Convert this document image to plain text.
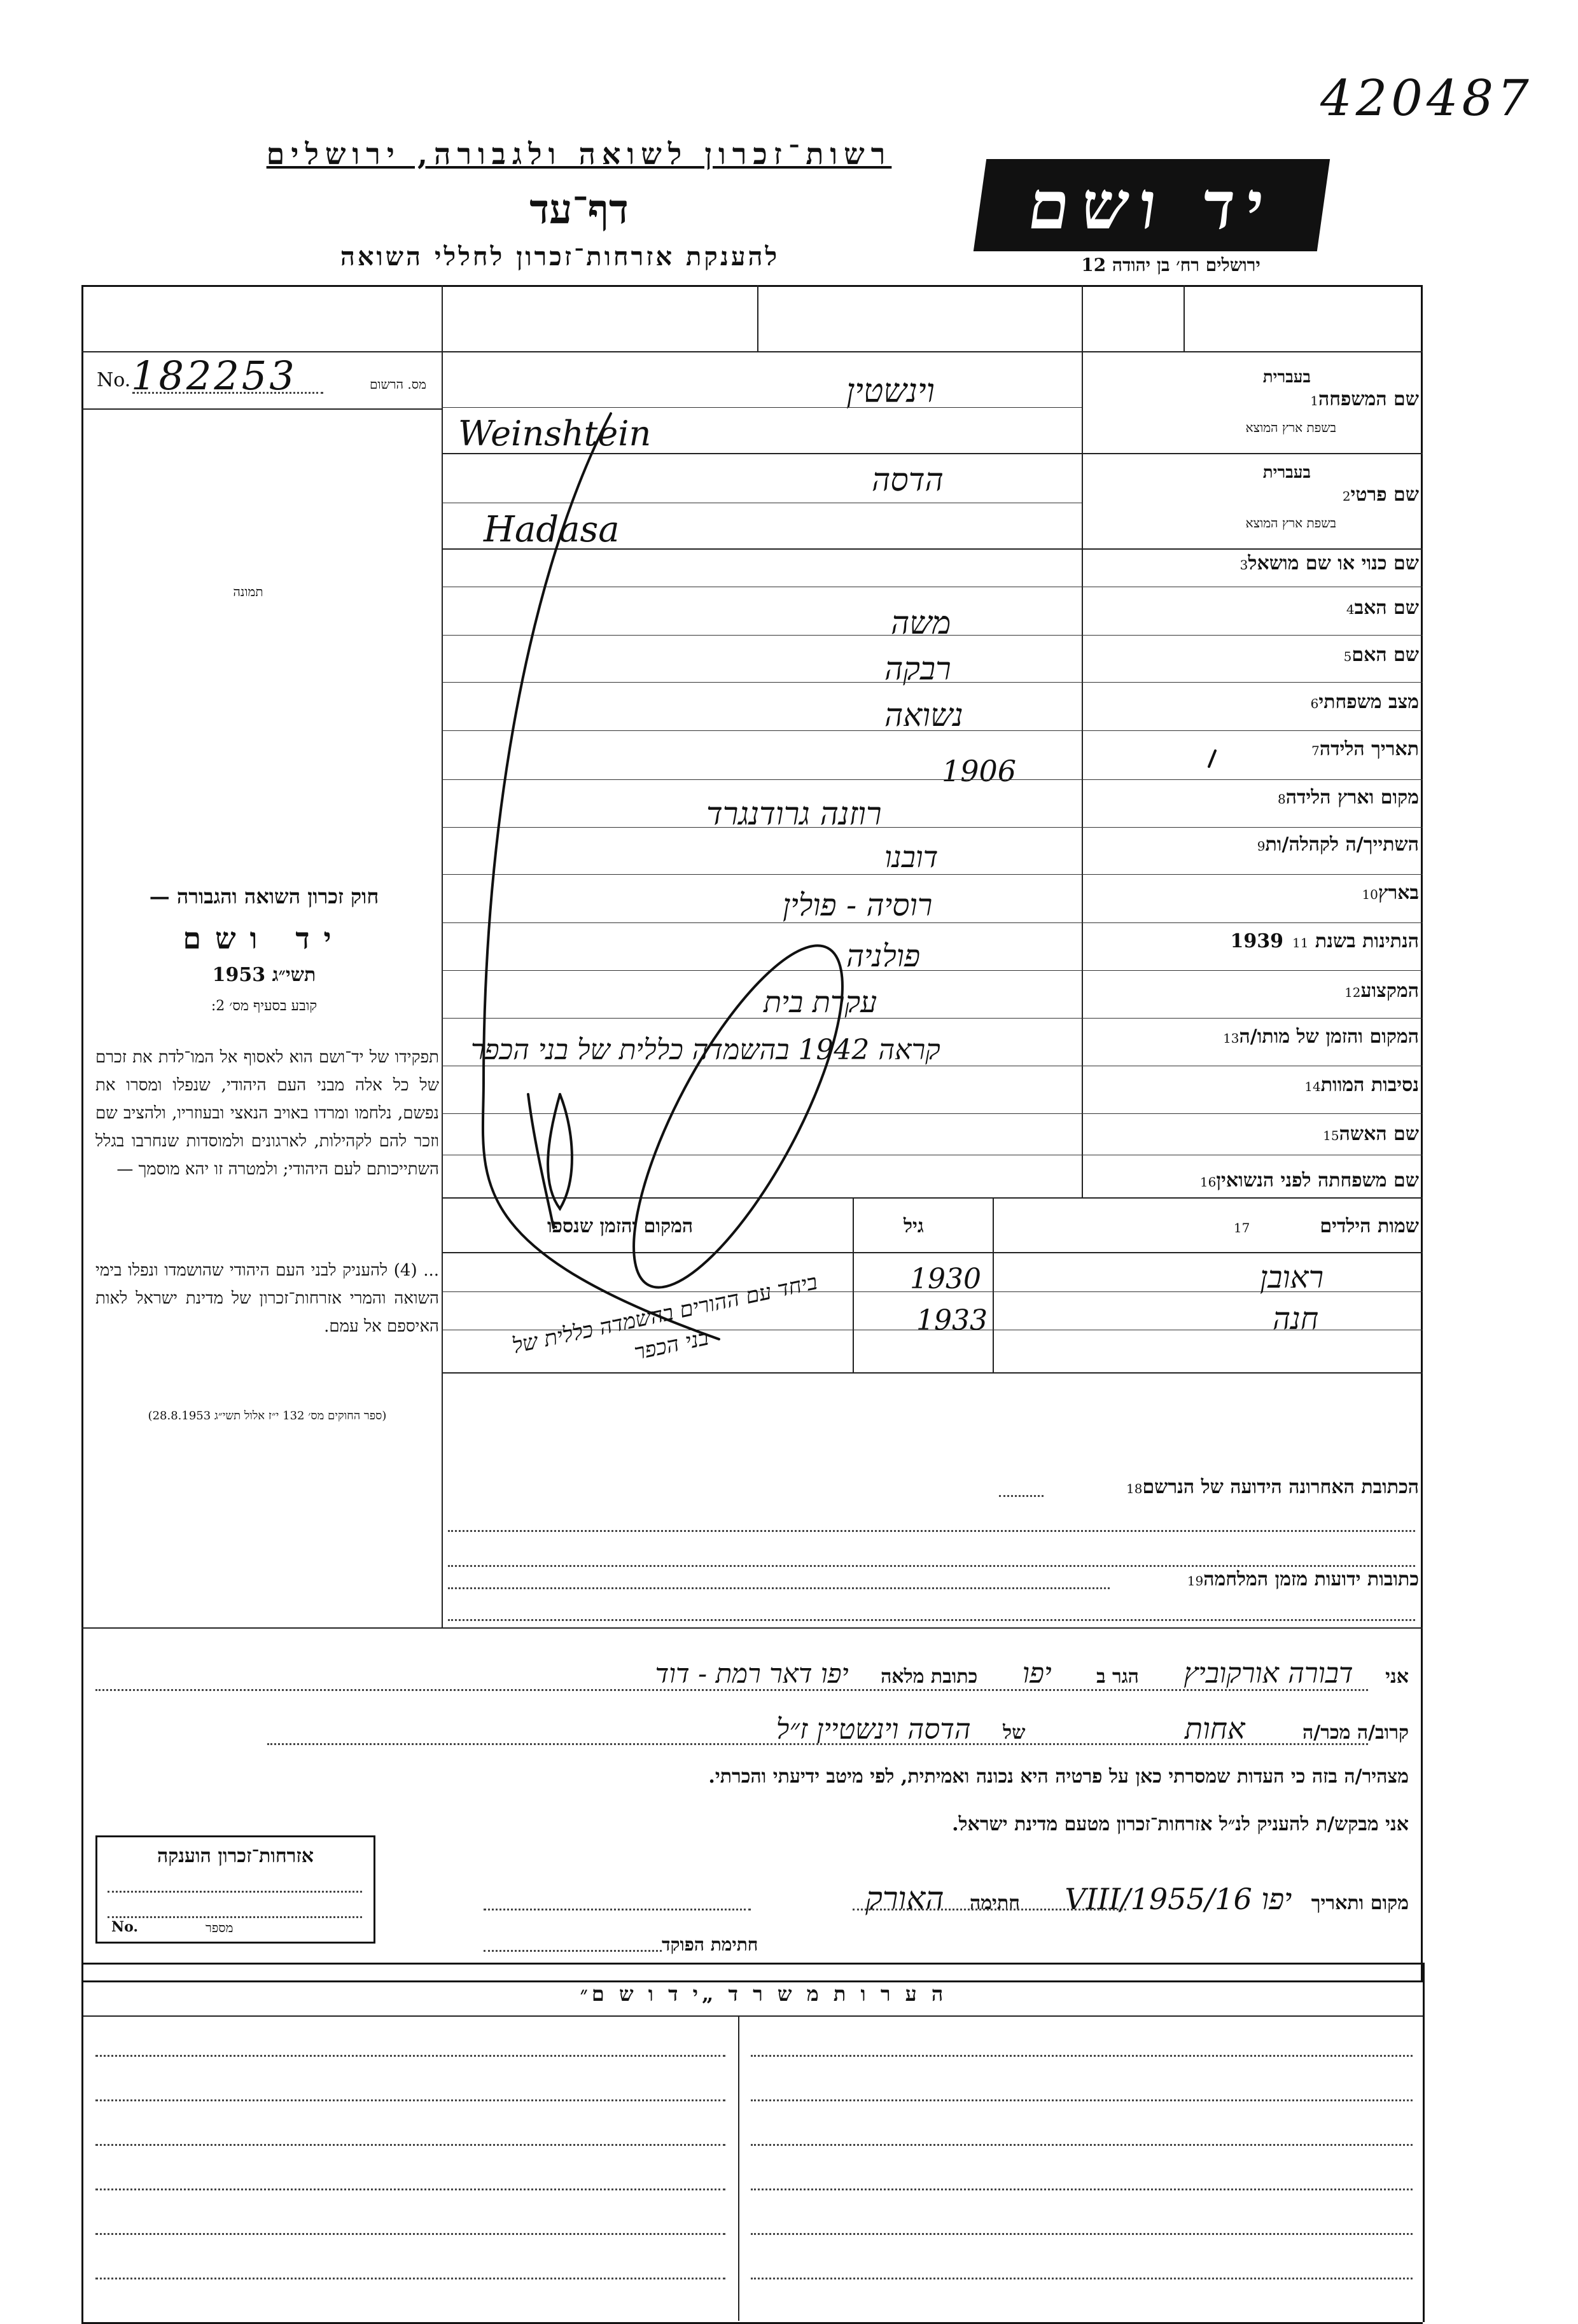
420487
רשות־זכרון לשואה ולגבורה, ירושלים
דף־עד
להענקת אזרחות־זכרון לחללי השואה
יד ושם
ירושלים רח׳ בן יהודה 12
No. 182253	מס. הרשום
תמונה
חוק זכרון השואה והגבורה —
יד ושם
תשי״ג 1953
קובע בסעיף מס׳ 2:
תפקידו של יד־ושם הוא לאסוף אל המו־לדת את זכרם של כל אלה מבני העם היהודי, שנפלו ומסרו את נפשם, נלחמו ומרדו באויב הנאצי ובעוזריו, ולהציב שם וזכר להם לקהילות, לארגונים ולמוסדות שנחרבו בגלל השתייכותם לעם היהודי; ולמטרה זו יהא מוסמך —
... (4) להעניק לבני העם היהודי שהושמדו ונפלו בימי השואה והמרי אזרחות־זכרון של מדינת ישראל לאות האיספם אל עמם.
(ספר החוקים מס׳ 132 י״ז אלול תשי״ג 28.8.1953)
שם המשפחה1
בעברית
בשפת ארץ המוצא
וינשטין
Weinshtein
שם פרטי2
בעברית
בשפת ארץ המוצא
הדסה
Hadasa
שם כנוי או שם מושאל3
שם האב4
משה
שם האם5
רבקה
מצב משפחתי6
נשואה
תאריך הלידה7
1906
מקום וארץ הלידה8
רוזנה גרודנגרד
השתייך/ה לקהלה/ות9
דובנו
בארץ10
רוסיה - פולין
הנתינות בשנת 193911
פולניה
המקצוע12
עקרת בית
המקום והזמן של מותו/ה13
קראה 1942 בהשמדה כללית של בני הכפר
נסיבות המוות14
שם האשה15
שם משפחתה לפני הנשואין16
שמות הילדים17
גיל
המקום והזמן שנספו
ראובן
1930
חנה
1933
ביחד עם ההורים בהשמדה כללית של בני הכפר
הכתובת האחרונה הידועה של הנרשם18
כתובות ידועות מזמן המלחמה19
אני דבורה אורקוביץ הגר ב יפו כתובת מלאה יפו דאר רמת - דוד
קרוב/ה מכר/ה אחות של הדסה וינשטיין ז״ל
מצהיר/ה בזה כי העדות שמסרתי כאן על פרטיה היא נכונה ואמיתית, לפי מיטב ידיעתי והכרתי.
אני מבקש/ת להעניק לנ״ל אזרחות־זכרון מטעם מדינת ישראל.
מקום ותאריך יפו 16/VIII/1955 חתימה האורק
חתימת הפוקד
אזרחות־זכרון הוענקה
No.	מספר
ה ע ר ו ת מ ש ר ד „י ד ו ש ם״
